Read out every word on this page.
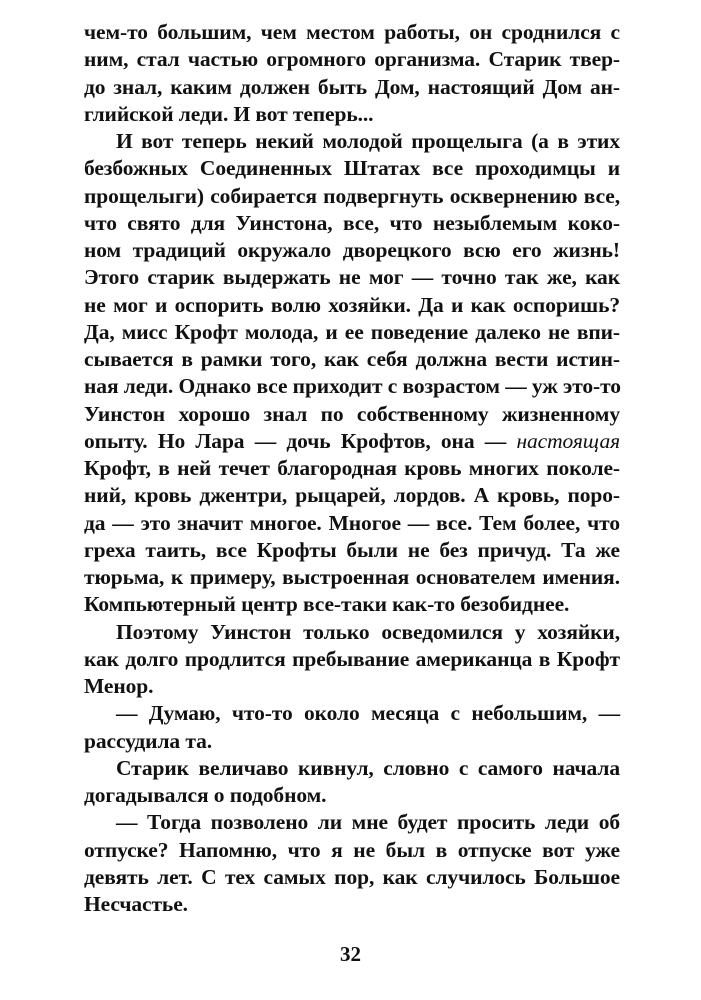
чем-то большим, чем местом работы, он сроднился с
ним, стал частью огромного организма. Старик твер-
до знал, каким должен быть Дом, настоящий Дом ан-
глийской леди. И вот теперь...
И вот теперь некий молодой прощелыга (а в этих
безбожных Соединенных Штатах все проходимцы и
прощелыги) собирается подвергнуть осквернению все,
что свято для Уинстона, все, что незыблемым коко-
ном традиций окружало дворецкого всю его жизнь!
Этого старик выдержать не мог — точно так же, как
не мог и оспорить волю хозяйки. Да и как оспоришь?
Да, мисс Крофт молода, и ее поведение далеко не впи-
сывается в рамки того, как себя должна вести истин-
ная леди. Однако все приходит с возрастом — уж это-то
Уинстон хорошо знал по собственному жизненному
опыту. Но Лара — дочь Крофтов, она — настоящая
Крофт, в ней течет благородная кровь многих поколе-
ний, кровь джентри, рыцарей, лордов. А кровь, поро-
да — это значит многое. Многое — все. Тем более, что
греха таить, все Крофты были не без причуд. Та же
тюрьма, к примеру, выстроенная основателем имения.
Компьютерный центр все-таки как-то безобиднее.
Поэтому Уинстон только осведомился у хозяйки,
как долго продлится пребывание американца в Крофт
Менор.
— Думаю, что-то около месяца с небольшим, —
рассудила та.
Старик величаво кивнул, словно с самого начала
догадывался о подобном.
— Тогда позволено ли мне будет просить леди об
отпуске? Напомню, что я не был в отпуске вот уже
девять лет. С тех самых пор, как случилось Большое
Несчастье.
32
